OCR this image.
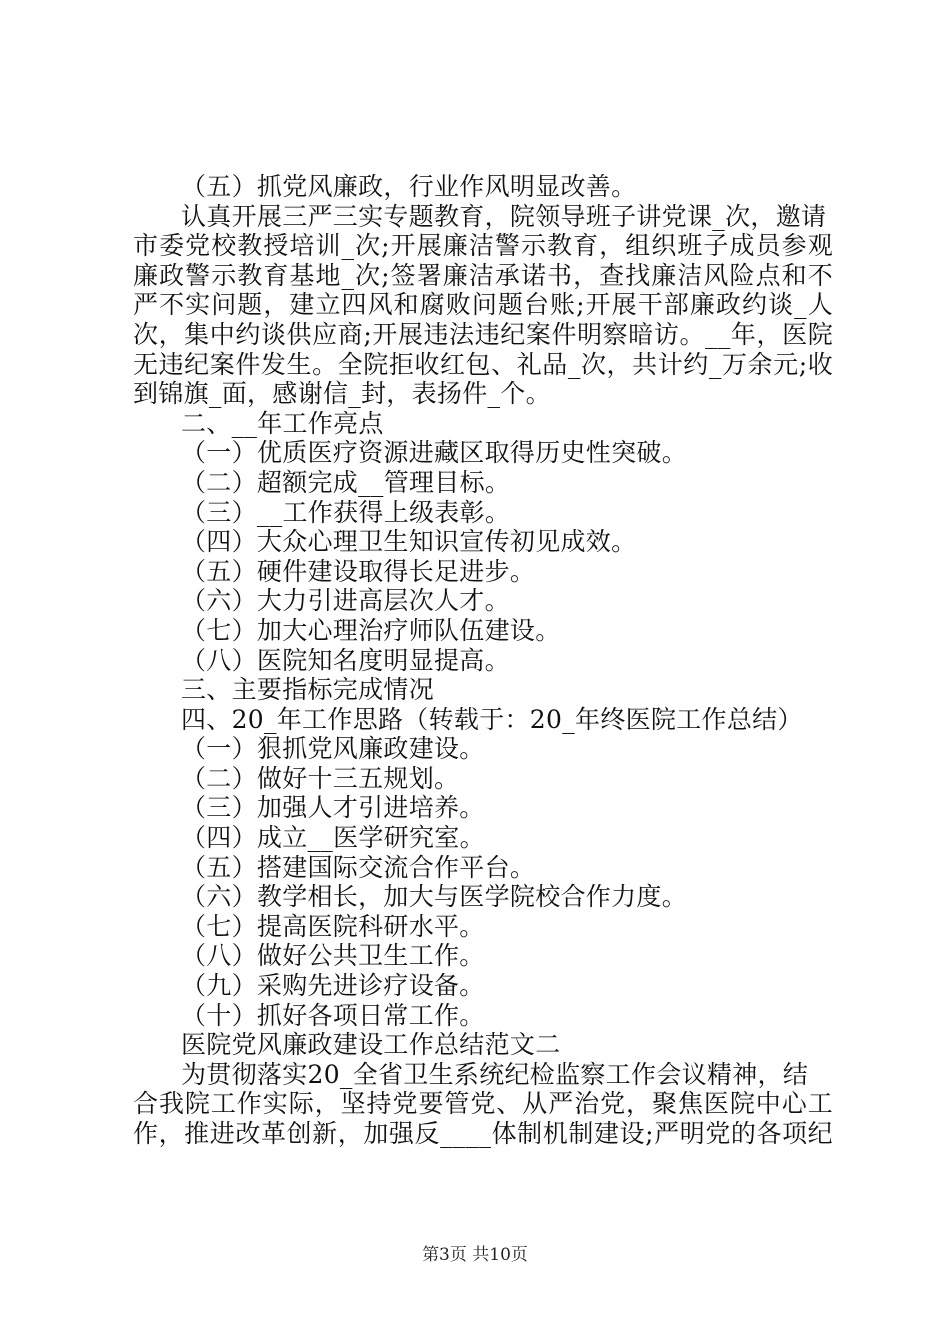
（五）抓党风廉政，行业作风明显改善。
认真开展三严三实专题教育，院领导班子讲党课_次，邀请
市委党校教授培训_次;开展廉洁警示教育，组织班子成员参观
廉政警示教育基地_次;签署廉洁承诺书，查找廉洁风险点和不
严不实问题，建立四风和腐败问题台账;开展干部廉政约谈_人
次，集中约谈供应商;开展违法违纪案件明察暗访。__年，医院
无违纪案件发生。全院拒收红包、礼品_次，共计约_万余元;收
到锦旗_面，感谢信_封，表扬件_个。
二、__年工作亮点
（一）优质医疗资源进藏区取得历史性突破。
（二）超额完成__管理目标。
（三）__工作获得上级表彰。
（四）大众心理卫生知识宣传初见成效。
（五）硬件建设取得长足进步。
（六）大力引进高层次人才。
（七）加大心理治疗师队伍建设。
（八）医院知名度明显提高。
三、主要指标完成情况
四、20_年工作思路（转载于：20_年终医院工作总结）
（一）狠抓党风廉政建设。
（二）做好十三五规划。
（三）加强人才引进培养。
（四）成立__医学研究室。
（五）搭建国际交流合作平台。
（六）教学相长，加大与医学院校合作力度。
（七）提高医院科研水平。
（八）做好公共卫生工作。
（九）采购先进诊疗设备。
（十）抓好各项日常工作。
医院党风廉政建设工作总结范文二
为贯彻落实20_全省卫生系统纪检监察工作会议精神，结
合我院工作实际，坚持党要管党、从严治党，聚焦医院中心工
作，推进改革创新，加强反____体制机制建设;严明党的各项纪
第3页 共10页
